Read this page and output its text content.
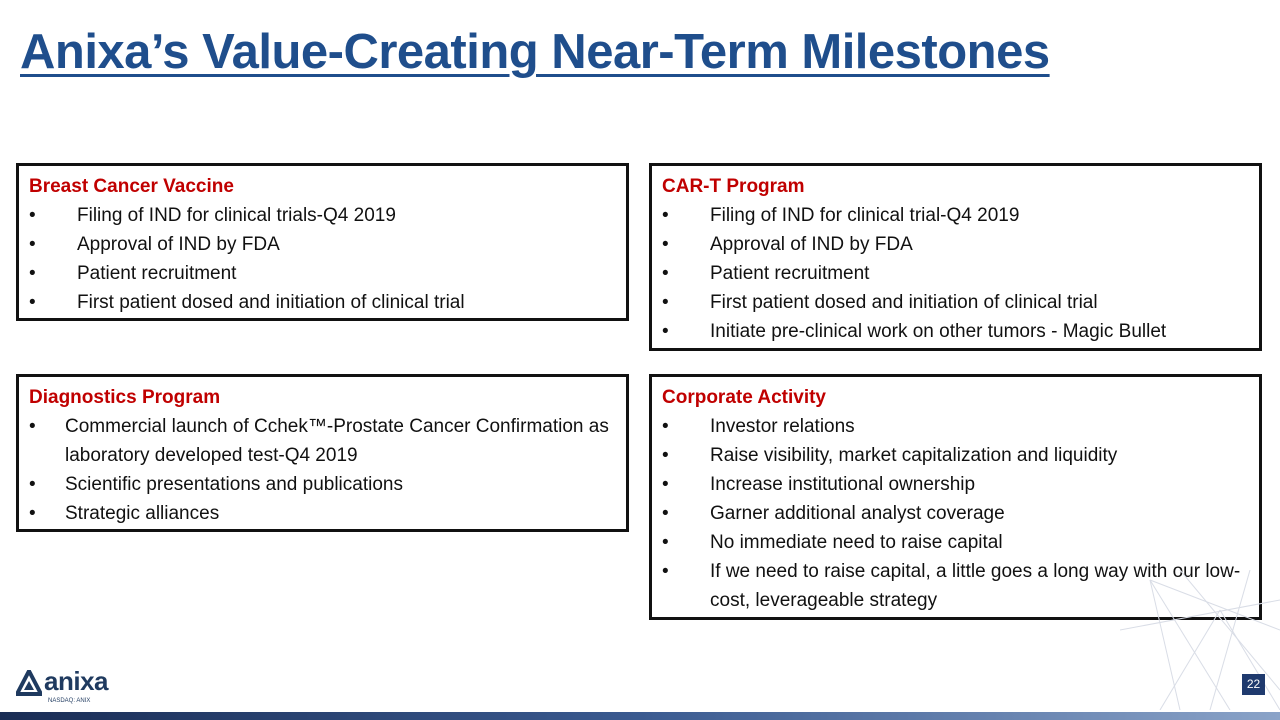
Anixa’s Value-Creating Near-Term Milestones
Breast Cancer Vaccine
• Filing of IND for clinical trials-Q4 2019
• Approval of IND by FDA
• Patient recruitment
• First patient dosed and initiation of clinical trial
CAR-T Program
• Filing of IND for clinical trial-Q4 2019
• Approval of IND by FDA
• Patient recruitment
• First patient dosed and initiation of clinical trial
• Initiate pre-clinical work on other tumors - Magic Bullet
Diagnostics Program
• Commercial launch of Cchek™-Prostate Cancer Confirmation as laboratory developed test-Q4 2019
• Scientific presentations and publications
• Strategic alliances
Corporate Activity
• Investor relations
• Raise visibility, market capitalization and liquidity
• Increase institutional ownership
• Garner additional analyst coverage
• No immediate need to raise capital
• If we need to raise capital, a little goes a long way with our low-cost, leverageable strategy
anixa
NASDAQ: ANIX
22
